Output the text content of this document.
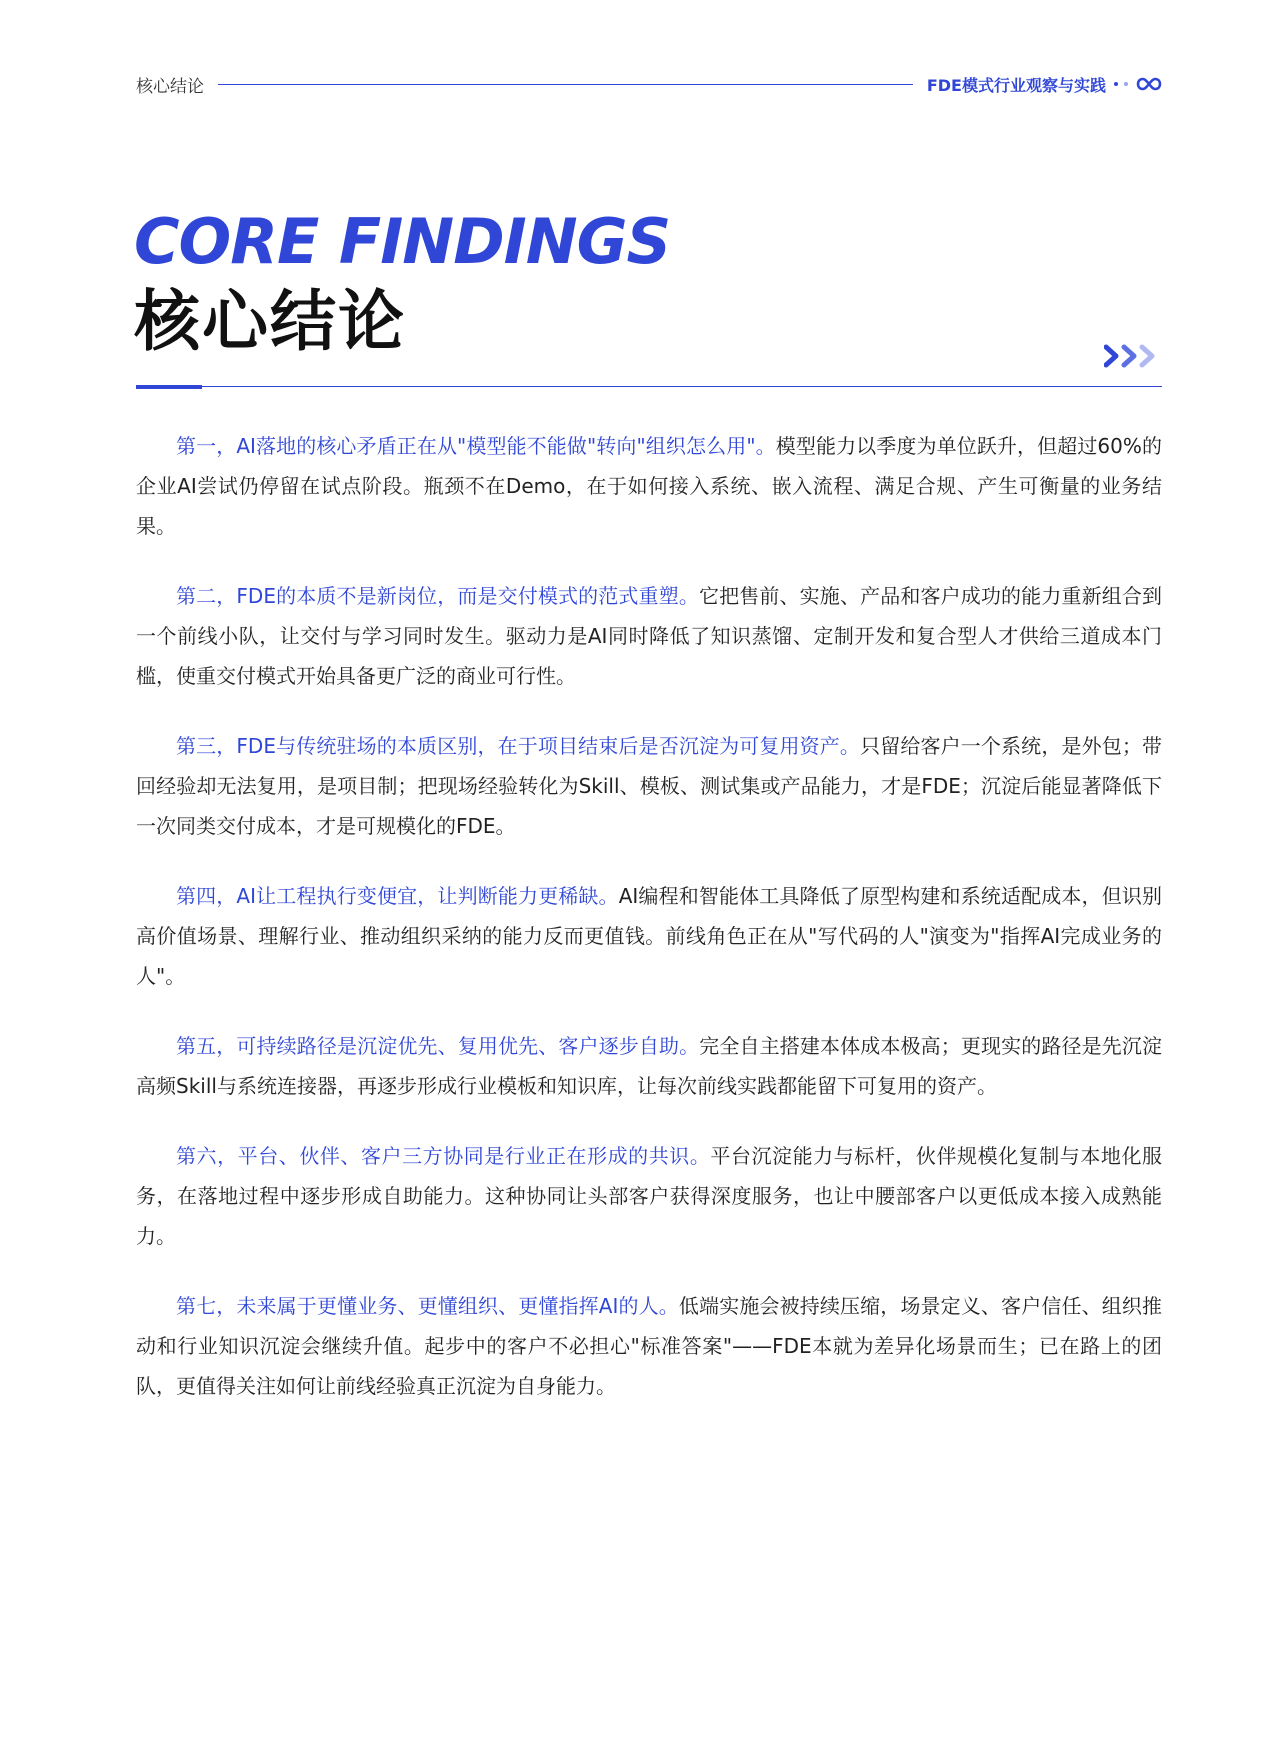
核心结论	FDE模式行业观察与实践
CORE FINDINGS
核心结论

第一，AI落地的核心矛盾正在从"模型能不能做"转向"组织怎么用"。模型能力以季度为单位跃升，但超过60%的企业AI尝试仍停留在试点阶段。瓶颈不在Demo，在于如何接入系统、嵌入流程、满足合规、产生可衡量的业务结果。

第二，FDE的本质不是新岗位，而是交付模式的范式重塑。它把售前、实施、产品和客户成功的能力重新组合到一个前线小队，让交付与学习同时发生。驱动力是AI同时降低了知识蒸馏、定制开发和复合型人才供给三道成本门槛，使重交付模式开始具备更广泛的商业可行性。

第三，FDE与传统驻场的本质区别，在于项目结束后是否沉淀为可复用资产。只留给客户一个系统，是外包；带回经验却无法复用，是项目制；把现场经验转化为Skill、模板、测试集或产品能力，才是FDE；沉淀后能显著降低下一次同类交付成本，才是可规模化的FDE。

第四，AI让工程执行变便宜，让判断能力更稀缺。AI编程和智能体工具降低了原型构建和系统适配成本，但识别高价值场景、理解行业、推动组织采纳的能力反而更值钱。前线角色正在从"写代码的人"演变为"指挥AI完成业务的人"。

第五，可持续路径是沉淀优先、复用优先、客户逐步自助。完全自主搭建本体成本极高；更现实的路径是先沉淀高频Skill与系统连接器，再逐步形成行业模板和知识库，让每次前线实践都能留下可复用的资产。

第六，平台、伙伴、客户三方协同是行业正在形成的共识。平台沉淀能力与标杆，伙伴规模化复制与本地化服务，在落地过程中逐步形成自助能力。这种协同让头部客户获得深度服务，也让中腰部客户以更低成本接入成熟能力。

第七，未来属于更懂业务、更懂组织、更懂指挥AI的人。低端实施会被持续压缩，场景定义、客户信任、组织推动和行业知识沉淀会继续升值。起步中的客户不必担心"标准答案"——FDE本就为差异化场景而生；已在路上的团队，更值得关注如何让前线经验真正沉淀为自身能力。
